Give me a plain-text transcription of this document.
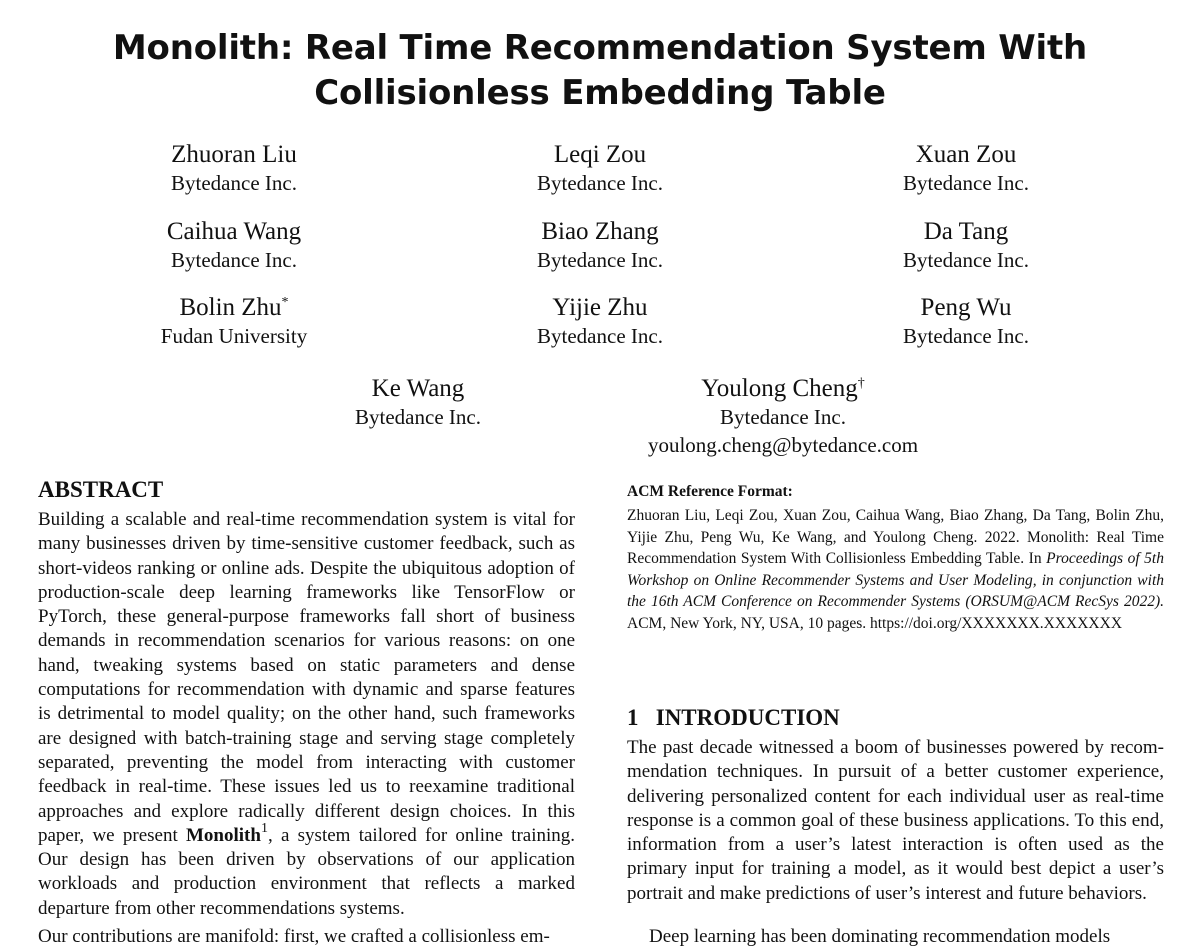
Monolith: Real Time Recommendation System With
Collisionless Embedding Table
Zhuoran Liu
Bytedance Inc.
Leqi Zou
Bytedance Inc.
Xuan Zou
Bytedance Inc.
Caihua Wang
Bytedance Inc.
Biao Zhang
Bytedance Inc.
Da Tang
Bytedance Inc.
Bolin Zhu*
Fudan University
Yijie Zhu
Bytedance Inc.
Peng Wu
Bytedance Inc.
Ke Wang
Bytedance Inc.
Youlong Cheng†
Bytedance Inc.
youlong.cheng@bytedance.com
ABSTRACT

Building a scalable and real-time recommendation system is vital for many businesses driven by time-sensitive customer feedback, such as short-videos ranking or online ads. Despite the ubiquitous adoption of production-scale deep learning frameworks like TensorFlow or PyTorch, these general-purpose frameworks fall short of business demands in recommendation scenarios for various reasons: on one hand, tweaking systems based on static parameters and dense computations for recommendation with dynamic and sparse features is detrimental to model quality; on the other hand, such frameworks are designed with batch-training stage and serving stage completely separated, preventing the model from interacting with customer feedback in real-time. These issues led us to reexamine traditional approaches and explore radically different design choices. In this paper, we present Monolith$^1$, a system tailored for online training. Our design has been driven by observations of our application workloads and production environment that reflects a marked departure from other recommendations systems.

Our contributions are manifold: first, we crafted a collisionless em-

ACM Reference Format:

Zhuoran Liu, Leqi Zou, Xuan Zou, Caihua Wang, Biao Zhang, Da Tang, Bolin Zhu, Yijie Zhu, Peng Wu, Ke Wang, and Youlong Cheng. 2022. Monolith: Real Time Recommendation System With Collisionless Embedding Table. In Proceedings of 5th Workshop on Online Recommender Systems and User Modeling, in conjunction with the 16th ACM Conference on Recommender Systems (ORSUM@ACM RecSys 2022). ACM, New York, NY, USA, 10 pages. https://doi.org/XXXXXXX.XXXXXXX

1   INTRODUCTION

The past decade witnessed a boom of businesses powered by recommendation techniques. In pursuit of a better customer experience, delivering personalized content for each individual user as real-time response is a common goal of these business applications. To this end, information from a user’s latest interaction is often used as the primary input for training a model, as it would best depict a user’s portrait and make predictions of user’s interest and future behaviors.

Deep learning has been dominating recommendation models
